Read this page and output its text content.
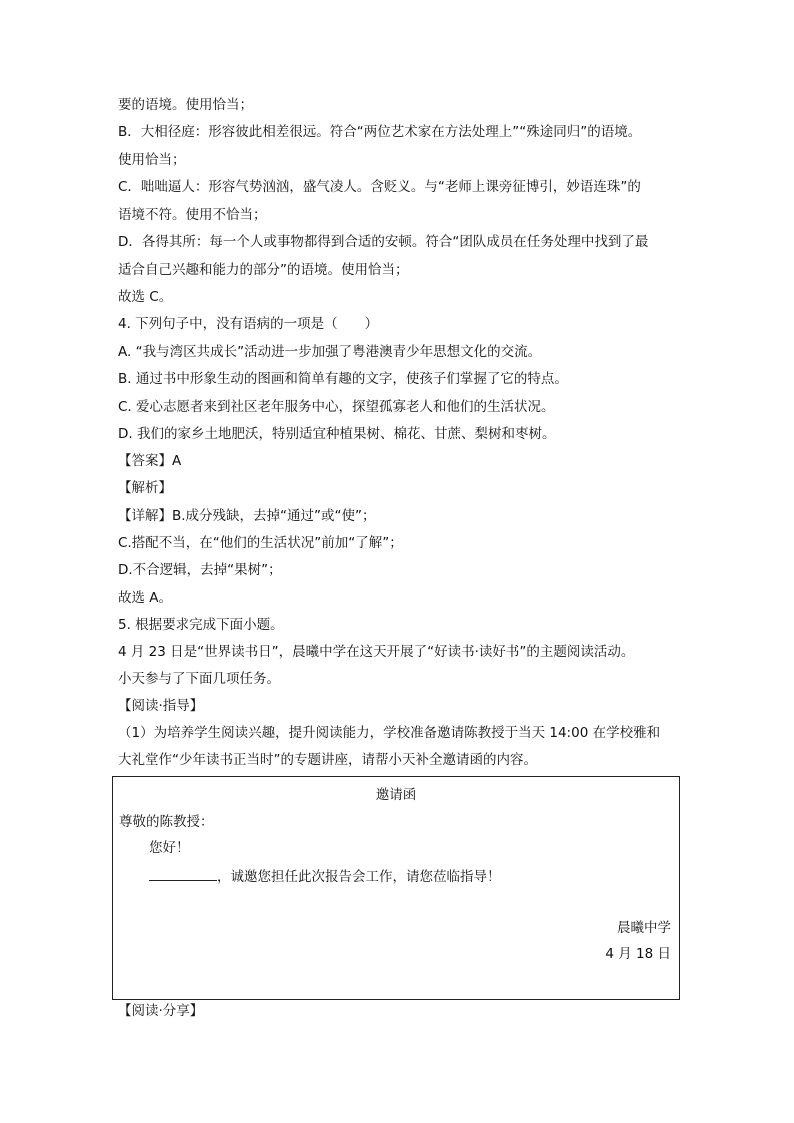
要的语境。使用恰当；
B．大相径庭：形容彼此相差很远。符合“两位艺术家在方法处理上”“殊途同归”的语境。
使用恰当；
C．咄咄逼人：形容气势汹汹，盛气凌人。含贬义。与“老师上课旁征博引，妙语连珠”的
语境不符。使用不恰当；
D．各得其所：每一个人或事物都得到合适的安顿。符合“团队成员在任务处理中找到了最
适合自己兴趣和能力的部分”的语境。使用恰当；
故选 C。
4. 下列句子中，没有语病的一项是（　　）
A. “我与湾区共成长”活动进一步加强了粤港澳青少年思想文化的交流。
B. 通过书中形象生动的图画和简单有趣的文字，使孩子们掌握了它的特点。
C. 爱心志愿者来到社区老年服务中心，探望孤寡老人和他们的生活状况。
D. 我们的家乡土地肥沃，特别适宜种植果树、棉花、甘蔗、梨树和枣树。
【答案】A
【解析】
【详解】B.成分残缺，去掉“通过”或“使”；
C.搭配不当，在“他们的生活状况”前加“了解”；
D.不合逻辑，去掉“果树”；
故选 A。
5. 根据要求完成下面小题。
4 月 23 日是“世界读书日”，晨曦中学在这天开展了“好读书·读好书”的主题阅读活动。
小天参与了下面几项任务。
【阅读·指导】
（1）为培养学生阅读兴趣，提升阅读能力，学校准备邀请陈教授于当天 14:00 在学校雅和
大礼堂作“少年读书正当时”的专题讲座，请帮小天补全邀请函的内容。
邀请函
尊敬的陈教授：
您好！
，诚邀您担任此次报告会工作，请您莅临指导！
晨曦中学
4 月 18 日
【阅读·分享】
